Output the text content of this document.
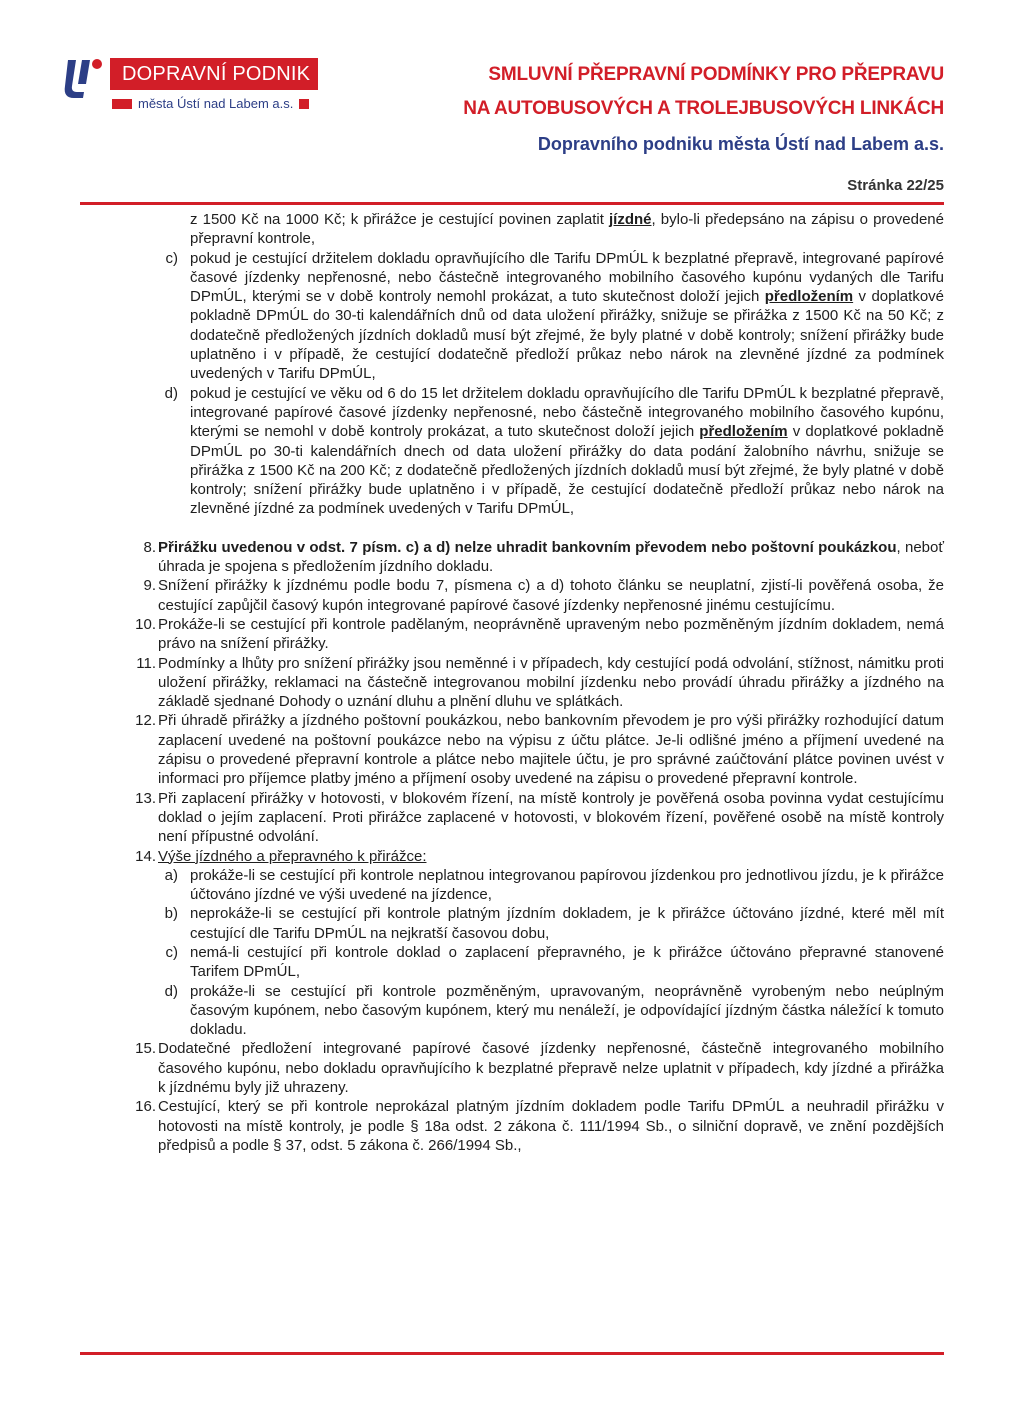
DOPRAVNÍ PODNIK
města Ústí nad Labem a.s.
SMLUVNÍ PŘEPRAVNÍ PODMÍNKY PRO PŘEPRAVU
NA AUTOBUSOVÝCH A TROLEJBUSOVÝCH LINKÁCH
Dopravního podniku města Ústí nad Labem a.s.
Stránka 22/25

z 1500 Kč na 1000 Kč; k přirážce je cestující povinen zaplatit jízdné, bylo-li předepsáno na zápisu o provedené přepravní kontrole,

c) pokud je cestující držitelem dokladu opravňujícího dle Tarifu DPmÚL k bezplatné přepravě, integrované papírové časové jízdenky nepřenosné, nebo částečně integrovaného mobilního časového kupónu vydaných dle Tarifu DPmÚL, kterými se v době kontroly nemohl prokázat, a tuto skutečnost doloží jejich předložením v doplatkové pokladně DPmÚL do 30-ti kalendářních dnů od data uložení přirážky, snižuje se přirážka z 1500 Kč na 50 Kč; z dodatečně předložených jízdních dokladů musí být zřejmé, že byly platné v době kontroly; snížení přirážky bude uplatněno i v případě, že cestující dodatečně předloží průkaz nebo nárok na zlevněné jízdné za podmínek uvedených v Tarifu DPmÚL,
d) pokud je cestující ve věku od 6 do 15 let držitelem dokladu opravňujícího dle Tarifu DPmÚL k bezplatné přepravě, integrované papírové časové jízdenky nepřenosné, nebo částečně integrovaného mobilního časového kupónu, kterými se nemohl v době kontroly prokázat, a tuto skutečnost doloží jejich předložením v doplatkové pokladně DPmÚL po 30-ti kalendářních dnech od data uložení přirážky do data podání žalobního návrhu, snižuje se přirážka z 1500 Kč na 200 Kč; z dodatečně předložených jízdních dokladů musí být zřejmé, že byly platné v době kontroly; snížení přirážky bude uplatněno i v případě, že cestující dodatečně předloží průkaz nebo nárok na zlevněné jízdné za podmínek uvedených v Tarifu DPmÚL,
8. Přirážku uvedenou v odst. 7 písm. c) a d) nelze uhradit bankovním převodem nebo poštovní poukázkou, neboť úhrada je spojena s předložením jízdního dokladu.
9. Snížení přirážky k jízdnému podle bodu 7, písmena c) a d) tohoto článku se neuplatní, zjistí-li pověřená osoba, že cestující zapůjčil časový kupón integrované papírové časové jízdenky nepřenosné jinému cestujícímu.
10. Prokáže-li se cestující při kontrole padělaným, neoprávněně upraveným nebo pozměněným jízdním dokladem, nemá právo na snížení přirážky.
11. Podmínky a lhůty pro snížení přirážky jsou neměnné i v případech, kdy cestující podá odvolání, stížnost, námitku proti uložení přirážky, reklamaci na částečně integrovanou mobilní jízdenku nebo provádí úhradu přirážky a jízdného na základě sjednané Dohody o uznání dluhu a plnění dluhu ve splátkách.
12. Při úhradě přirážky a jízdného poštovní poukázkou, nebo bankovním převodem je pro výši přirážky rozhodující datum zaplacení uvedené na poštovní poukázce nebo na výpisu z účtu plátce. Je-li odlišné jméno a příjmení uvedené na zápisu o provedené přepravní kontrole a plátce nebo majitele účtu, je pro správné zaúčtování plátce povinen uvést v informaci pro příjemce platby jméno a příjmení osoby uvedené na zápisu o provedené přepravní kontrole.
13. Při zaplacení přirážky v hotovosti, v blokovém řízení, na místě kontroly je pověřená osoba povinna vydat cestujícímu doklad o jejím zaplacení. Proti přirážce zaplacené v hotovosti, v blokovém řízení, pověřené osobě na místě kontroly není přípustné odvolání.
14. Výše jízdného a přepravného k přirážce:
a) prokáže-li se cestující při kontrole neplatnou integrovanou papírovou jízdenkou pro jednotlivou jízdu, je k přirážce účtováno jízdné ve výši uvedené na jízdence,
b) neprokáže-li se cestující při kontrole platným jízdním dokladem, je k přirážce účtováno jízdné, které měl mít cestující dle Tarifu DPmÚL na nejkratší časovou dobu,
c) nemá-li cestující při kontrole doklad o zaplacení přepravného, je k přirážce účtováno přepravné stanovené Tarifem DPmÚL,
d) prokáže-li se cestující při kontrole pozměněným, upravovaným, neoprávněně vyrobeným nebo neúplným časovým kupónem, nebo časovým kupónem, který mu nenáleží, je odpovídající jízdným částka náležící k tomuto dokladu.
15. Dodatečné předložení integrované papírové časové jízdenky nepřenosné, částečně integrovaného mobilního časového kupónu, nebo dokladu opravňujícího k bezplatné přepravě nelze uplatnit v případech, kdy jízdné a přirážka k jízdnému byly již uhrazeny.
16. Cestující, který se při kontrole neprokázal platným jízdním dokladem podle Tarifu DPmÚL a neuhradil přirážku v hotovosti na místě kontroly, je podle § 18a odst. 2 zákona č. 111/1994 Sb., o silniční dopravě, ve znění pozdějších předpisů a podle § 37, odst. 5 zákona č. 266/1994 Sb.,
